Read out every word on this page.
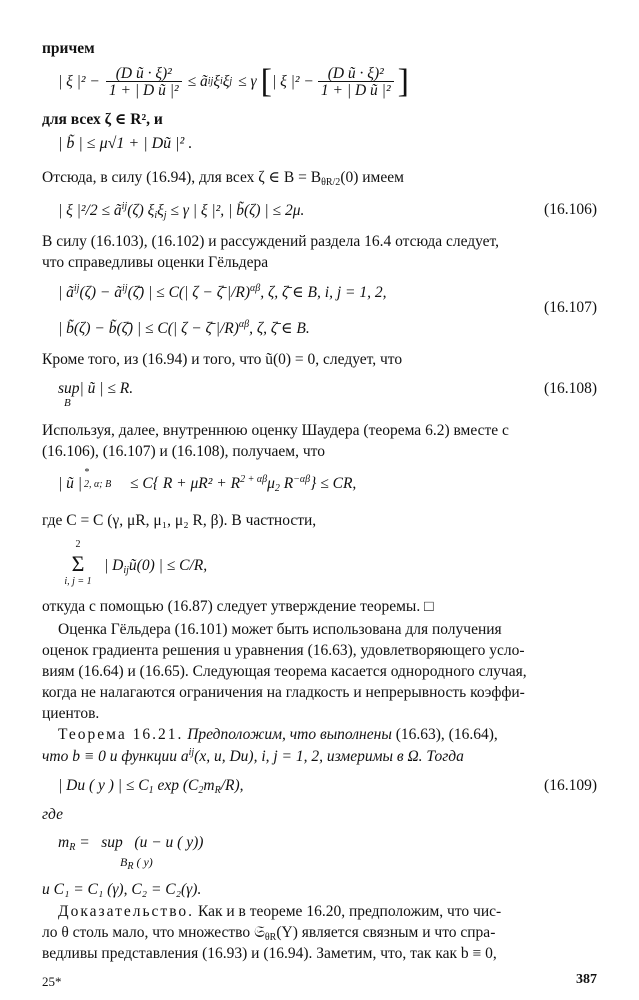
причем
| ξ $|^2 - \frac{\text{(D ũ · ξ)²}}{\text{1 + | D ũ |²}}$ ≤ ã ij ξ i ξ j ≤ γ [ | ξ $|^2 - \frac{\text{(D ũ · ξ)²}}{\text{1 + | D ũ |²}}$ ]
для всех ζ ∈ R², и
| b̃ | ≤ μ√1 + | Dũ |² .
Отсюда, в силу (16.94), для всех ζ ∈ $B = B_{\theta R/2}(0)$ имеем
| ξ $|^2/2 \le ã^{ij}(\zeta) \xi_i\xi_j \le \gamma$ | ξ |², | b̃(ζ) | ≤ 2μ.	(16.106)
В силу (16.103), (16.102) и рассуждений раздела 16.4 отсюда следует,
что справедливы оценки Гёльдера
| $ã^{ij}(\zeta)$ − $ã^{ij}(\zetā)$ | ≤ C(| ζ − ζ̄ |/R)$^{\alpha\beta}$, ζ, ζ̄ ∈ B, i, j = 1, 2,
(16.107)
| b̃(ζ) − b̃(ζ̄) | ≤ C(| ζ − ζ̄ |/R)$^{\alpha\beta}$, ζ, ζ̄ ∈ B.
Кроме того, из (16.94) и того, что ũ(0) = 0, следует, что
sup| ũ | ≤ R.
B
(16.108)
Используя, далее, внутреннюю оценку Шаудера (теорема 6.2) вместе с
(16.106), (16.107) и (16.108), получаем, что
| ũ |
*
2, α; B ≤ C{ $R + \mu R^2 + R^{2 + \alpha\beta}\mu_2$ $R^{-\alpha\beta}$} ≤ CR,
где C = C (γ, μR, μ₁, μ₂ R, β). В частности,
2
Σ
i, j = 1
| $D_{ij}ũ(0)$ | ≤ C/R,
откуда с помощью (16.87) следует утверждение теоремы. □
Оценка Гёльдера (16.101) может быть использована для получения
оценок градиента решения u уравнения (16.63), удовлетворяющего усло-
виям (16.64) и (16.65). Следующая теорема касается однородного случая,
когда не налагаются ограничения на гладкость и непрерывность коэффи-
циентов.
Теорема 16.21. Предположим, что выполнены (16.63), (16.64),
что b ≡ 0 и функции $a^{ij}(x$, u, Du), i, j = 1, 2, измеримы в Ω. Тогда
| Du ( y ) | ≤ $C_1$ $\exp (C_2m_R/R)$,	(16.109)
где
$m_R$ =   sup   (u − u ( y))
$B_R$ ( y)
и C₁ = C₁ (γ), C₂ = C₂(γ).
Доказательство. Как и в теореме 16.20, предположим, что чис-
ло θ столь мало, что множество 𝔖$_{\theta R}$(Y) является связным и что спра-
ведливы представления (16.93) и (16.94). Заметим, что, так как b ≡ 0,
25*	387
